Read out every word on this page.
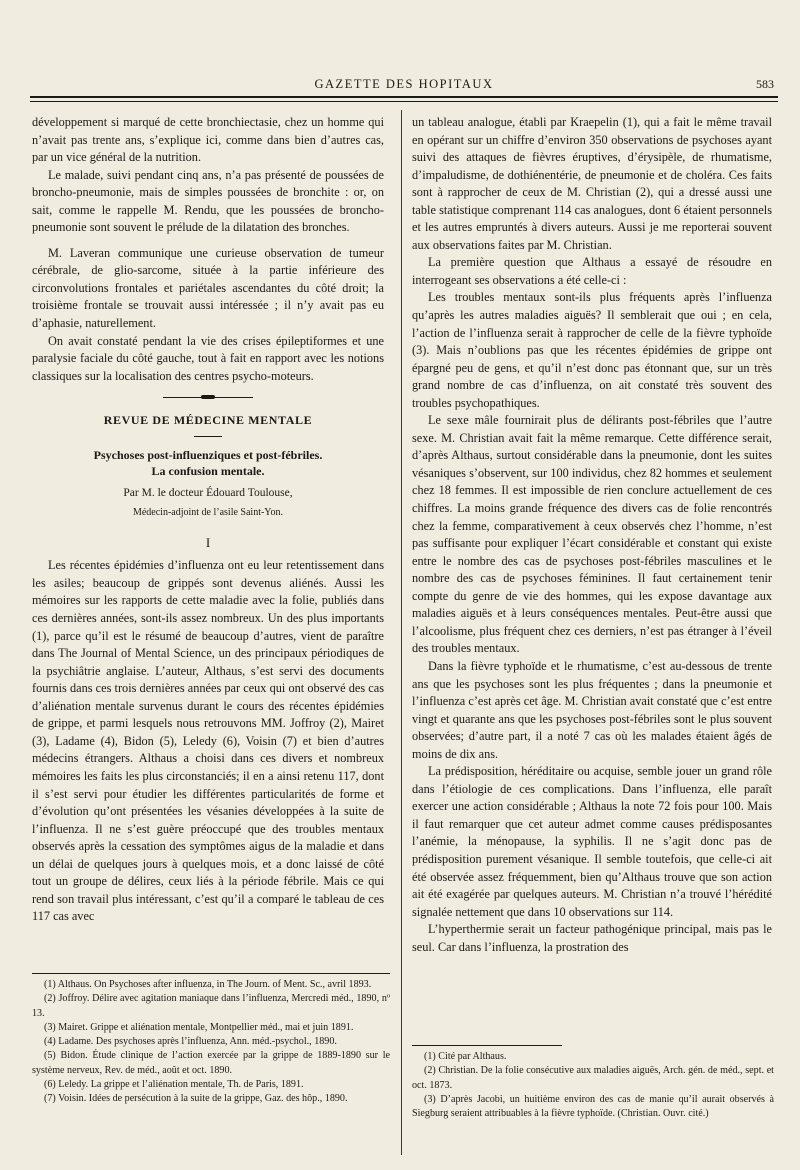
GAZETTE DES HOPITAUX	583

développement si marqué de cette bronchiectasie, chez un homme qui n’avait pas trente ans, s’explique ici, comme dans bien d’autres cas, par un vice général de la nutrition.

Le malade, suivi pendant cinq ans, n’a pas présenté de poussées de broncho-pneumonie, mais de simples poussées de bronchite : or, on sait, comme le rappelle M. Rendu, que les poussées de broncho-pneumonie sont souvent le prélude de la dilatation des bronches.

M. Laveran communique une curieuse observation de tumeur cérébrale, de glio-sarcome, située à la partie inférieure des circonvolutions frontales et pariétales ascendantes du côté droit; la troisième frontale se trouvait aussi intéressée ; il n’y avait pas eu d’aphasie, naturellement.

On avait constaté pendant la vie des crises épileptiformes et une paralysie faciale du côté gauche, tout à fait en rapport avec les notions classiques sur la localisation des centres psycho-moteurs.

REVUE DE MÉDECINE MENTALE
Psychoses post-influenziques et post-fébriles.
La confusion mentale.
Par M. le docteur Édouard Toulouse,
Médecin-adjoint de l’asile Saint-Yon.
I

Les récentes épidémies d’influenza ont eu leur retentissement dans les asiles; beaucoup de grippés sont devenus aliénés. Aussi les mémoires sur les rapports de cette maladie avec la folie, publiés dans ces dernières années, sont-ils assez nombreux. Un des plus importants (1), parce qu’il est le résumé de beaucoup d’autres, vient de paraître dans The Journal of Mental Science, un des principaux périodiques de la psychiâtrie anglaise. L’auteur, Althaus, s’est servi des documents fournis dans ces trois dernières années par ceux qui ont observé des cas d’aliénation mentale survenus durant le cours des récentes épidémies de grippe, et parmi lesquels nous retrouvons MM. Joffroy (2), Mairet (3), Ladame (4), Bidon (5), Leledy (6), Voisin (7) et bien d’autres médecins étrangers. Althaus a choisi dans ces divers et nombreux mémoires les faits les plus circonstanciés; il en a ainsi retenu 117, dont il s’est servi pour étudier les différentes particularités de forme et d’évolution qu’ont présentées les vésanies développées à la suite de l’influenza. Il ne s’est guère préoccupé que des troubles mentaux observés après la cessation des symptômes aigus de la maladie et dans un délai de quelques jours à quelques mois, et a donc laissé de côté tout un groupe de délires, ceux liés à la période fébrile. Mais ce qui rend son travail plus intéressant, c’est qu’il a comparé le tableau de ces 117 cas avec

(1) Althaus. On Psychoses after influenza, in The Journ. of Ment. Sc., avril 1893.

(2) Joffroy. Délire avec agitation maniaque dans l’influenza, Mercredi méd., 1890, nº 13.

(3) Mairet. Grippe et aliénation mentale, Montpellier méd., mai et juin 1891.

(4) Ladame. Des psychoses après l’influenza, Ann. méd.-psychol., 1890.

(5) Bidon. Étude clinique de l’action exercée par la grippe de 1889-1890 sur le système nerveux, Rev. de méd., août et oct. 1890.

(6) Leledy. La grippe et l’aliénation mentale, Th. de Paris, 1891.

(7) Voisin. Idées de persécution à la suite de la grippe, Gaz. des hôp., 1890.

un tableau analogue, établi par Kraepelin (1), qui a fait le même travail en opérant sur un chiffre d’environ 350 observations de psychoses ayant suivi des attaques de fièvres éruptives, d’érysipèle, de rhumatisme, d’impaludisme, de dothiénentérie, de pneumonie et de choléra. Ces faits sont à rapprocher de ceux de M. Christian (2), qui a dressé aussi une table statistique comprenant 114 cas analogues, dont 6 étaient personnels et les autres empruntés à divers auteurs. Aussi je me reporterai souvent aux observations faites par M. Christian.

La première question que Althaus a essayé de résoudre en interrogeant ses observations a été celle-ci :

Les troubles mentaux sont-ils plus fréquents après l’influenza qu’après les autres maladies aiguës? Il semblerait que oui ; en cela, l’action de l’influenza serait à rapprocher de celle de la fièvre typhoïde (3). Mais n’oublions pas que les récentes épidémies de grippe ont épargné peu de gens, et qu’il n’est donc pas étonnant que, sur un très grand nombre de cas d’influenza, on ait constaté très souvent des troubles psychopathiques.

Le sexe mâle fournirait plus de délirants post-fébriles que l’autre sexe. M. Christian avait fait la même remarque. Cette différence serait, d’après Althaus, surtout considérable dans la pneumonie, dont les suites vésaniques s’observent, sur 100 individus, chez 82 hommes et seulement chez 18 femmes. Il est impossible de rien conclure actuellement de ces chiffres. La moins grande fréquence des divers cas de folie rencontrés chez la femme, comparativement à ceux observés chez l’homme, n’est pas suffisante pour expliquer l’écart considérable et constant qui existe entre le nombre des cas de psychoses post-fébriles masculines et le nombre des cas de psychoses féminines. Il faut certainement tenir compte du genre de vie des hommes, qui les expose davantage aux maladies aiguës et à leurs conséquences mentales. Peut-être aussi que l’alcoolisme, plus fréquent chez ces derniers, n’est pas étranger à l’éveil des troubles mentaux.

Dans la fièvre typhoïde et le rhumatisme, c’est au-dessous de trente ans que les psychoses sont les plus fréquentes ; dans la pneumonie et l’influenza c’est après cet âge. M. Christian avait constaté que c’est entre vingt et quarante ans que les psychoses post-fébriles sont le plus souvent observées; d’autre part, il a noté 7 cas où les malades étaient âgés de moins de dix ans.

La prédisposition, héréditaire ou acquise, semble jouer un grand rôle dans l’étiologie de ces complications. Dans l’influenza, elle paraît exercer une action considérable ; Althaus la note 72 fois pour 100. Mais il faut remarquer que cet auteur admet comme causes prédisposantes l’anémie, la ménopause, la syphilis. Il ne s’agit donc pas de prédisposition purement vésanique. Il semble toutefois, que celle-ci ait été observée assez fréquemment, bien qu’Althaus trouve que son action ait été exagérée par quelques auteurs. M. Christian n’a trouvé l’hérédité signalée nettement que dans 10 observations sur 114.

L’hyperthermie serait un facteur pathogénique principal, mais pas le seul. Car dans l’influenza, la prostration des

(1) Cité par Althaus.

(2) Christian. De la folie consécutive aux maladies aiguës, Arch. gén. de méd., sept. et oct. 1873.

(3) D’après Jacobi, un huitième environ des cas de manie qu’il aurait observés à Siegburg seraient attribuables à la fièvre typhoïde. (Christian. Ouvr. cité.)
